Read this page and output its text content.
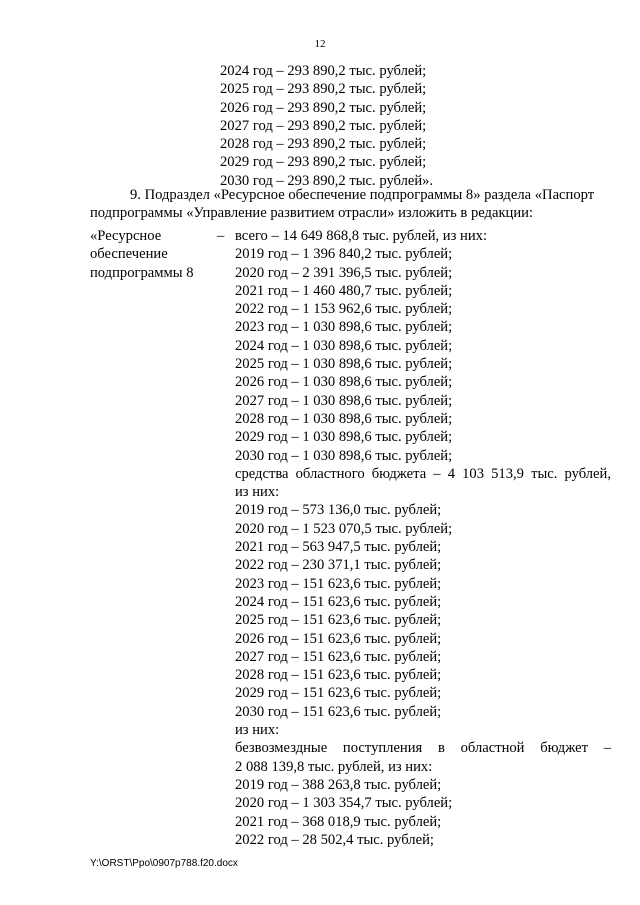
12
2024 год – 293 890,2 тыс. рублей;
2025 год – 293 890,2 тыс. рублей;
2026 год – 293 890,2 тыс. рублей;
2027 год – 293 890,2 тыс. рублей;
2028 год – 293 890,2 тыс. рублей;
2029 год – 293 890,2 тыс. рублей;
2030 год – 293 890,2 тыс. рублей».
9. Подраздел «Ресурсное обеспечение подпрограммы 8» раздела «Паспорт
подпрограммы «Управление развитием отрасли» изложить в редакции:
«Ресурсное
обеспечение
подпрограммы 8
– всего – 14 649 868,8 тыс. рублей, из них:
2019 год – 1 396 840,2 тыс. рублей;
2020 год – 2 391 396,5 тыс. рублей;
2021 год – 1 460 480,7 тыс. рублей;
2022 год – 1 153 962,6 тыс. рублей;
2023 год – 1 030 898,6 тыс. рублей;
2024 год – 1 030 898,6 тыс. рублей;
2025 год – 1 030 898,6 тыс. рублей;
2026 год – 1 030 898,6 тыс. рублей;
2027 год – 1 030 898,6 тыс. рублей;
2028 год – 1 030 898,6 тыс. рублей;
2029 год – 1 030 898,6 тыс. рублей;
2030 год – 1 030 898,6 тыс. рублей;
средства областного бюджета – 4 103 513,9 тыс. рублей,
из них:
2019 год – 573 136,0 тыс. рублей;
2020 год – 1 523 070,5 тыс. рублей;
2021 год – 563 947,5 тыс. рублей;
2022 год – 230 371,1 тыс. рублей;
2023 год – 151 623,6 тыс. рублей;
2024 год – 151 623,6 тыс. рублей;
2025 год – 151 623,6 тыс. рублей;
2026 год – 151 623,6 тыс. рублей;
2027 год – 151 623,6 тыс. рублей;
2028 год – 151 623,6 тыс. рублей;
2029 год – 151 623,6 тыс. рублей;
2030 год – 151 623,6 тыс. рублей;
из них:
безвозмездные поступления в областной бюджет –
2 088 139,8 тыс. рублей, из них:
2019 год – 388 263,8 тыс. рублей;
2020 год – 1 303 354,7 тыс. рублей;
2021 год – 368 018,9 тыс. рублей;
2022 год – 28 502,4 тыс. рублей;
Y:\ORST\Ppo\0907p788.f20.docx
